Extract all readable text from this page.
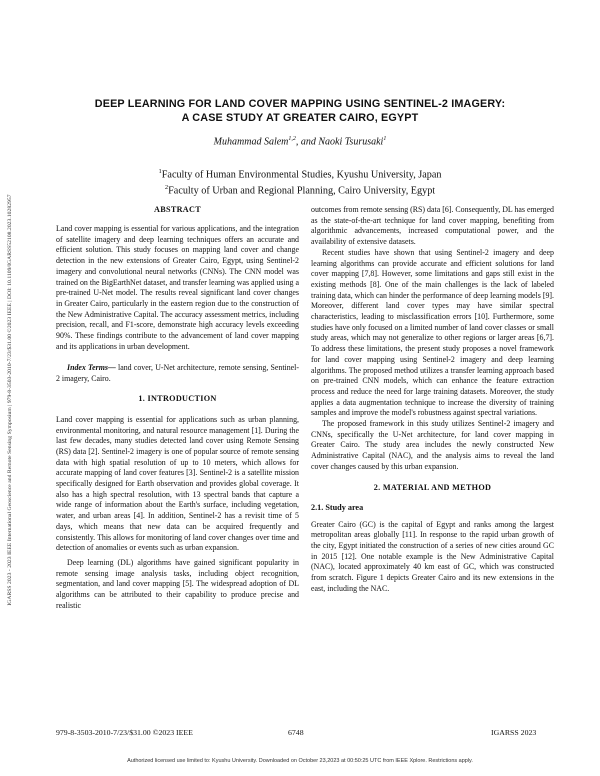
IGARSS 2023 - 2023 IEEE International Geoscience and Remote Sensing Symposium | 979-8-3503-2010-7/23/$31.00 ©2023 IEEE | DOI: 10.1109/IGARSS52108.2023.10282957
DEEP LEARNING FOR LAND COVER MAPPING USING SENTINEL-2 IMAGERY:
A CASE STUDY AT GREATER CAIRO, EGYPT
Muhammad Salem$^{1,2}$, and Naoki Tsurusaki$^1$
$^1$Faculty of Human Environmental Studies, Kyushu University, Japan
$^2$Faculty of Urban and Regional Planning, Cairo University, Egypt
ABSTRACT

Land cover mapping is essential for various applications, and the integration of satellite imagery and deep learning techniques offers an accurate and efficient solution. This study focuses on mapping land cover and change detection in the new extensions of Greater Cairo, Egypt, using Sentinel-2 imagery and convolutional neural networks (CNNs). The CNN model was trained on the BigEarthNet dataset, and transfer learning was applied using a pre-trained U-Net model. The results reveal significant land cover changes in Greater Cairo, particularly in the eastern region due to the construction of the New Administrative Capital. The accuracy assessment metrics, including precision, recall, and F1-score, demonstrate high accuracy levels exceeding 90%. These findings contribute to the advancement of land cover mapping and its applications in urban development.

Index Terms— land cover, U-Net architecture, remote sensing, Sentinel-2 imagery, Cairo.

1. INTRODUCTION

Land cover mapping is essential for applications such as urban planning, environmental monitoring, and natural resource management [1]. During the last few decades, many studies detected land cover using Remote Sensing (RS) data [2]. Sentinel-2 imagery is one of popular source of remote sensing data with high spatial resolution of up to 10 meters, which allows for accurate mapping of land cover features [3]. Sentinel-2 is a satellite mission specifically designed for Earth observation and provides global coverage. It also has a high spectral resolution, with 13 spectral bands that capture a wide range of information about the Earth's surface, including vegetation, water, and urban areas [4]. In addition, Sentinel-2 has a revisit time of 5 days, which means that new data can be acquired frequently and consistently. This allows for monitoring of land cover changes over time and detection of anomalies or events such as urban expansion.

Deep learning (DL) algorithms have gained significant popularity in remote sensing image analysis tasks, including object recognition, segmentation, and land cover mapping [5]. The widespread adoption of DL algorithms can be attributed to their capability to produce precise and realistic

outcomes from remote sensing (RS) data [6]. Consequently, DL has emerged as the state-of-the-art technique for land cover mapping, benefiting from algorithmic advancements, increased computational power, and the availability of extensive datasets.

Recent studies have shown that using Sentinel-2 imagery and deep learning algorithms can provide accurate and efficient solutions for land cover mapping [7,8]. However, some limitations and gaps still exist in the existing methods [8]. One of the main challenges is the lack of labeled training data, which can hinder the performance of deep learning models [9]. Moreover, different land cover types may have similar spectral characteristics, leading to misclassification errors [10]. Furthermore, some studies have only focused on a limited number of land cover classes or small study areas, which may not generalize to other regions or larger areas [6,7]. To address these limitations, the present study proposes a novel framework for land cover mapping using Sentinel-2 imagery and deep learning algorithms. The proposed method utilizes a transfer learning approach based on pre-trained CNN models, which can enhance the feature extraction process and reduce the need for large training datasets. Moreover, the study applies a data augmentation technique to increase the diversity of training samples and improve the model's robustness against spectral variations.

The proposed framework in this study utilizes Sentinel-2 imagery and CNNs, specifically the U-Net architecture, for land cover mapping in Greater Cairo. The study area includes the newly constructed New Administrative Capital (NAC), and the analysis aims to reveal the land cover changes caused by this urban expansion.

2. MATERIAL AND METHOD
2.1. Study area

Greater Cairo (GC) is the capital of Egypt and ranks among the largest metropolitan areas globally [11]. In response to the rapid urban growth of the city, Egypt initiated the construction of a series of new cities around GC in 2015 [12]. One notable example is the New Administrative Capital (NAC), located approximately 40 km east of GC, which was constructed from scratch. Figure 1 depicts Greater Cairo and its new extensions in the east, including the NAC.

979-8-3503-2010-7/23/$31.00 ©2023 IEEE	6748	IGARSS 2023
Authorized licensed use limited to: Kyushu University. Downloaded on October 23,2023 at 00:50:25 UTC from IEEE Xplore. Restrictions apply.
